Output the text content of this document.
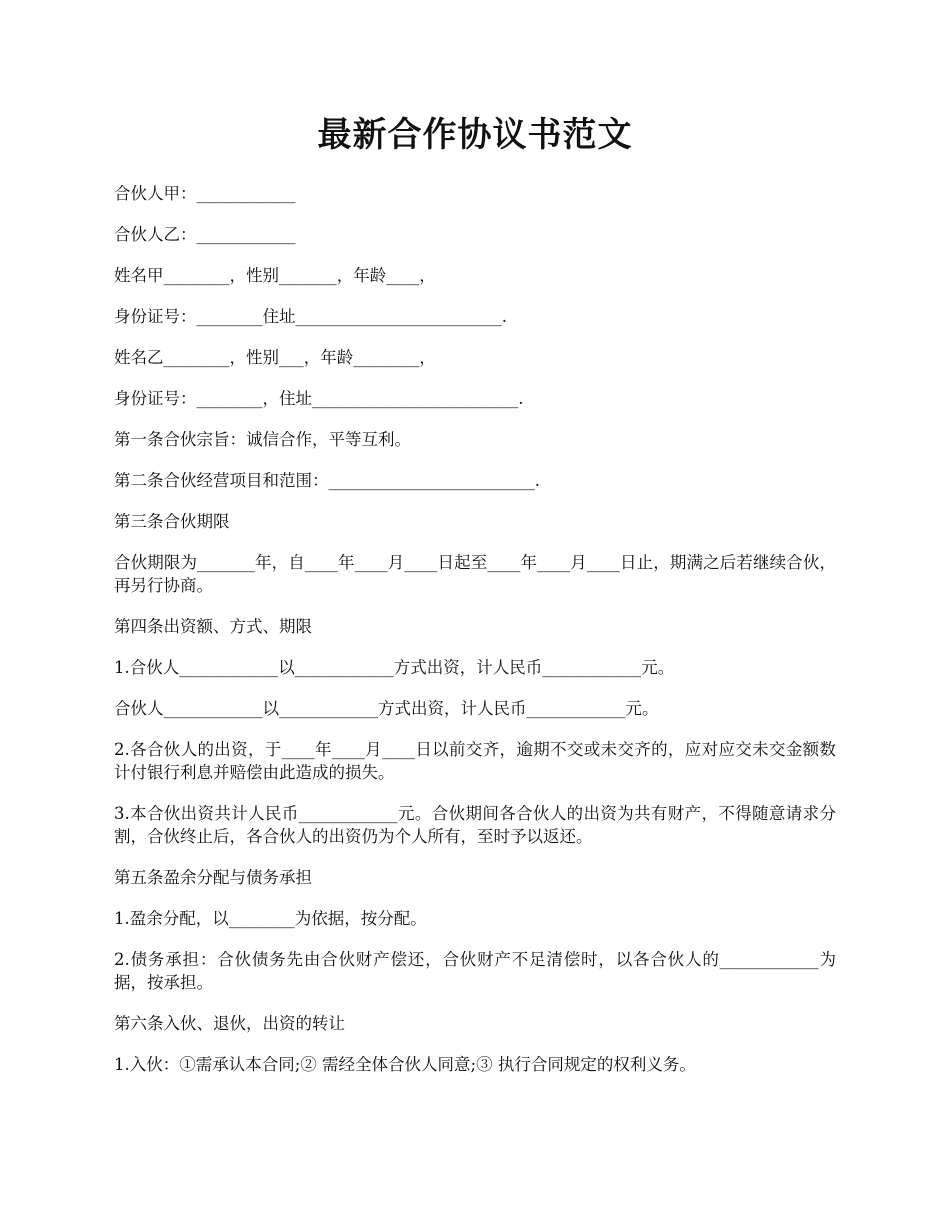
最新合作协议书范文

合伙人甲：____________

合伙人乙：____________

姓名甲________，性别_______，年龄____，

身份证号：________住址_________________________.

姓名乙________，性别___，年龄________，

身份证号：________，住址_________________________.

第一条合伙宗旨：诚信合作，平等互利。

第二条合伙经营项目和范围：_________________________.

第三条合伙期限

合伙期限为_______年，自____年____月____日起至____年____月____日止，期满之后若继续合伙，再另行协商。

第四条出资额、方式、期限

1.合伙人____________以____________方式出资，计人民币____________元。

合伙人____________以____________方式出资，计人民币____________元。

2.各合伙人的出资，于____年____月____日以前交齐，逾期不交或未交齐的，应对应交未交金额数计付银行利息并赔偿由此造成的损失。

3.本合伙出资共计人民币____________元。合伙期间各合伙人的出资为共有财产，不得随意请求分割，合伙终止后，各合伙人的出资仍为个人所有，至时予以返还。

第五条盈余分配与债务承担

1.盈余分配，以________为依据，按分配。

2.债务承担：合伙债务先由合伙财产偿还，合伙财产不足清偿时，以各合伙人的____________为据，按承担。

第六条入伙、退伙，出资的转让

1.入伙：①需承认本合同;② 需经全体合伙人同意;③ 执行合同规定的权利义务。
